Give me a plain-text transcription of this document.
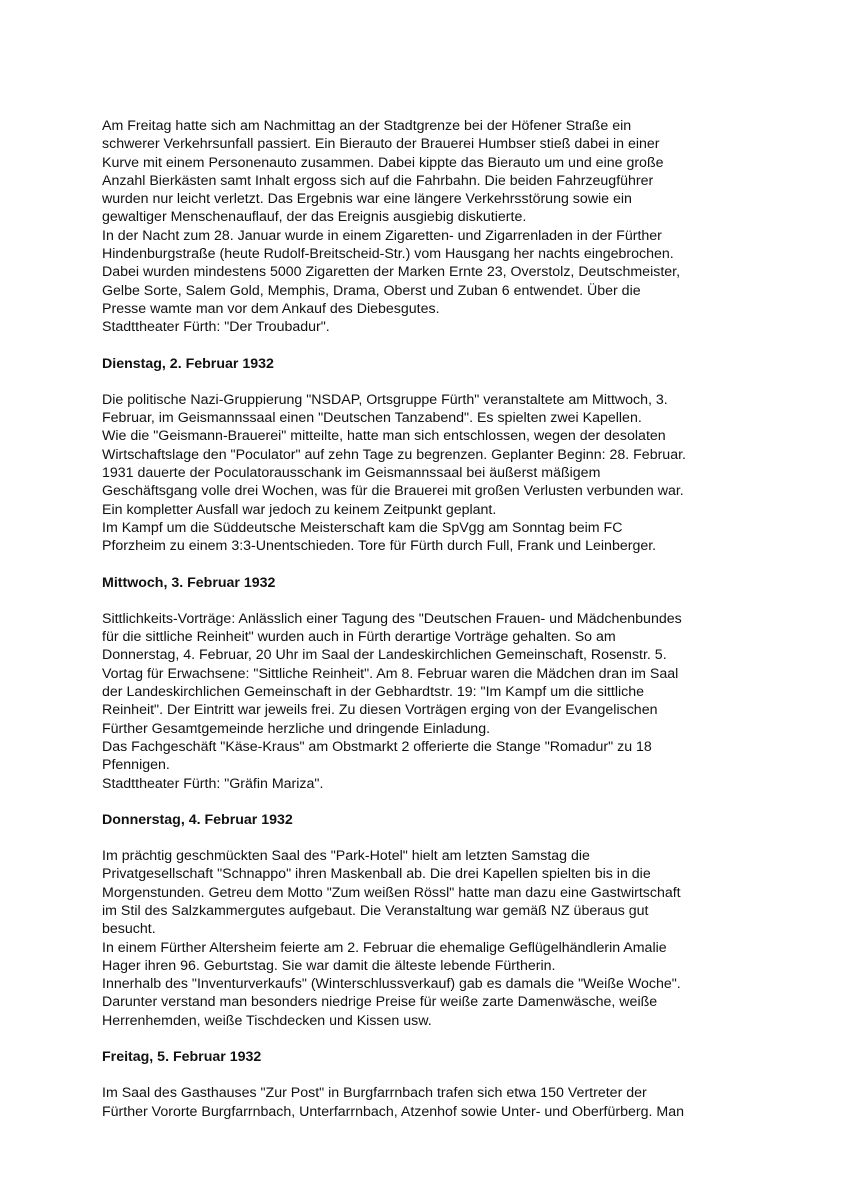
Am Freitag hatte sich am Nachmittag an der Stadtgrenze bei der Höfener Straße ein
schwerer Verkehrsunfall passiert. Ein Bierauto der Brauerei Humbser stieß dabei in einer
Kurve mit einem Personenauto zusammen. Dabei kippte das Bierauto um und eine große
Anzahl Bierkästen samt Inhalt ergoss sich auf die Fahrbahn. Die beiden Fahrzeugführer
wurden nur leicht verletzt. Das Ergebnis war eine längere Verkehrsstörung sowie ein
gewaltiger Menschenauflauf, der das Ereignis ausgiebig diskutierte.
In der Nacht zum 28. Januar wurde in einem Zigaretten- und Zigarrenladen in der Fürther
Hindenburgstraße (heute Rudolf-Breitscheid-Str.) vom Hausgang her nachts eingebrochen.
Dabei wurden mindestens 5000 Zigaretten der Marken Ernte 23, Overstolz, Deutschmeister,
Gelbe Sorte, Salem Gold, Memphis, Drama, Oberst und Zuban 6 entwendet. Über die
Presse wamte man vor dem Ankauf des Diebesgutes.
Stadttheater Fürth: "Der Troubadur".
Dienstag, 2. Februar 1932
Die politische Nazi-Gruppierung "NSDAP, Ortsgruppe Fürth" veranstaltete am Mittwoch, 3.
Februar, im Geismannssaal einen "Deutschen Tanzabend". Es spielten zwei Kapellen.
Wie die "Geismann-Brauerei" mitteilte, hatte man sich entschlossen, wegen der desolaten
Wirtschaftslage den "Poculator" auf zehn Tage zu begrenzen. Geplanter Beginn: 28. Februar.
1931 dauerte der Poculatorausschank im Geismannssaal bei äußerst mäßigem
Geschäftsgang volle drei Wochen, was für die Brauerei mit großen Verlusten verbunden war.
Ein kompletter Ausfall war jedoch zu keinem Zeitpunkt geplant.
Im Kampf um die Süddeutsche Meisterschaft kam die SpVgg am Sonntag beim FC
Pforzheim zu einem 3:3-Unentschieden. Tore für Fürth durch Full, Frank und Leinberger.
Mittwoch, 3. Februar 1932
Sittlichkeits-Vorträge: Anlässlich einer Tagung des "Deutschen Frauen- und Mädchenbundes
für die sittliche Reinheit" wurden auch in Fürth derartige Vorträge gehalten. So am
Donnerstag, 4. Februar, 20 Uhr im Saal der Landeskirchlichen Gemeinschaft, Rosenstr. 5.
Vortag für Erwachsene: "Sittliche Reinheit". Am 8. Februar waren die Mädchen dran im Saal
der Landeskirchlichen Gemeinschaft in der Gebhardtstr. 19: "Im Kampf um die sittliche
Reinheit". Der Eintritt war jeweils frei. Zu diesen Vorträgen erging von der Evangelischen
Fürther Gesamtgemeinde herzliche und dringende Einladung.
Das Fachgeschäft "Käse-Kraus" am Obstmarkt 2 offerierte die Stange "Romadur" zu 18
Pfennigen.
Stadttheater Fürth: "Gräfin Mariza".
Donnerstag, 4. Februar 1932
Im prächtig geschmückten Saal des "Park-Hotel" hielt am letzten Samstag die
Privatgesellschaft "Schnappo" ihren Maskenball ab. Die drei Kapellen spielten bis in die
Morgenstunden. Getreu dem Motto "Zum weißen Rössl" hatte man dazu eine Gastwirtschaft
im Stil des Salzkammergutes aufgebaut. Die Veranstaltung war gemäß NZ überaus gut
besucht.
In einem Fürther Altersheim feierte am 2. Februar die ehemalige Geflügelhändlerin Amalie
Hager ihren 96. Geburtstag. Sie war damit die älteste lebende Fürtherin.
Innerhalb des "Inventurverkaufs" (Winterschlussverkauf) gab es damals die "Weiße Woche".
Darunter verstand man besonders niedrige Preise für weiße zarte Damenwäsche, weiße
Herrenhemden, weiße Tischdecken und Kissen usw.
Freitag, 5. Februar 1932
Im Saal des Gasthauses "Zur Post" in Burgfarrnbach trafen sich etwa 150 Vertreter der
Fürther Vororte Burgfarrnbach, Unterfarrnbach, Atzenhof sowie Unter- und Oberfürberg. Man
